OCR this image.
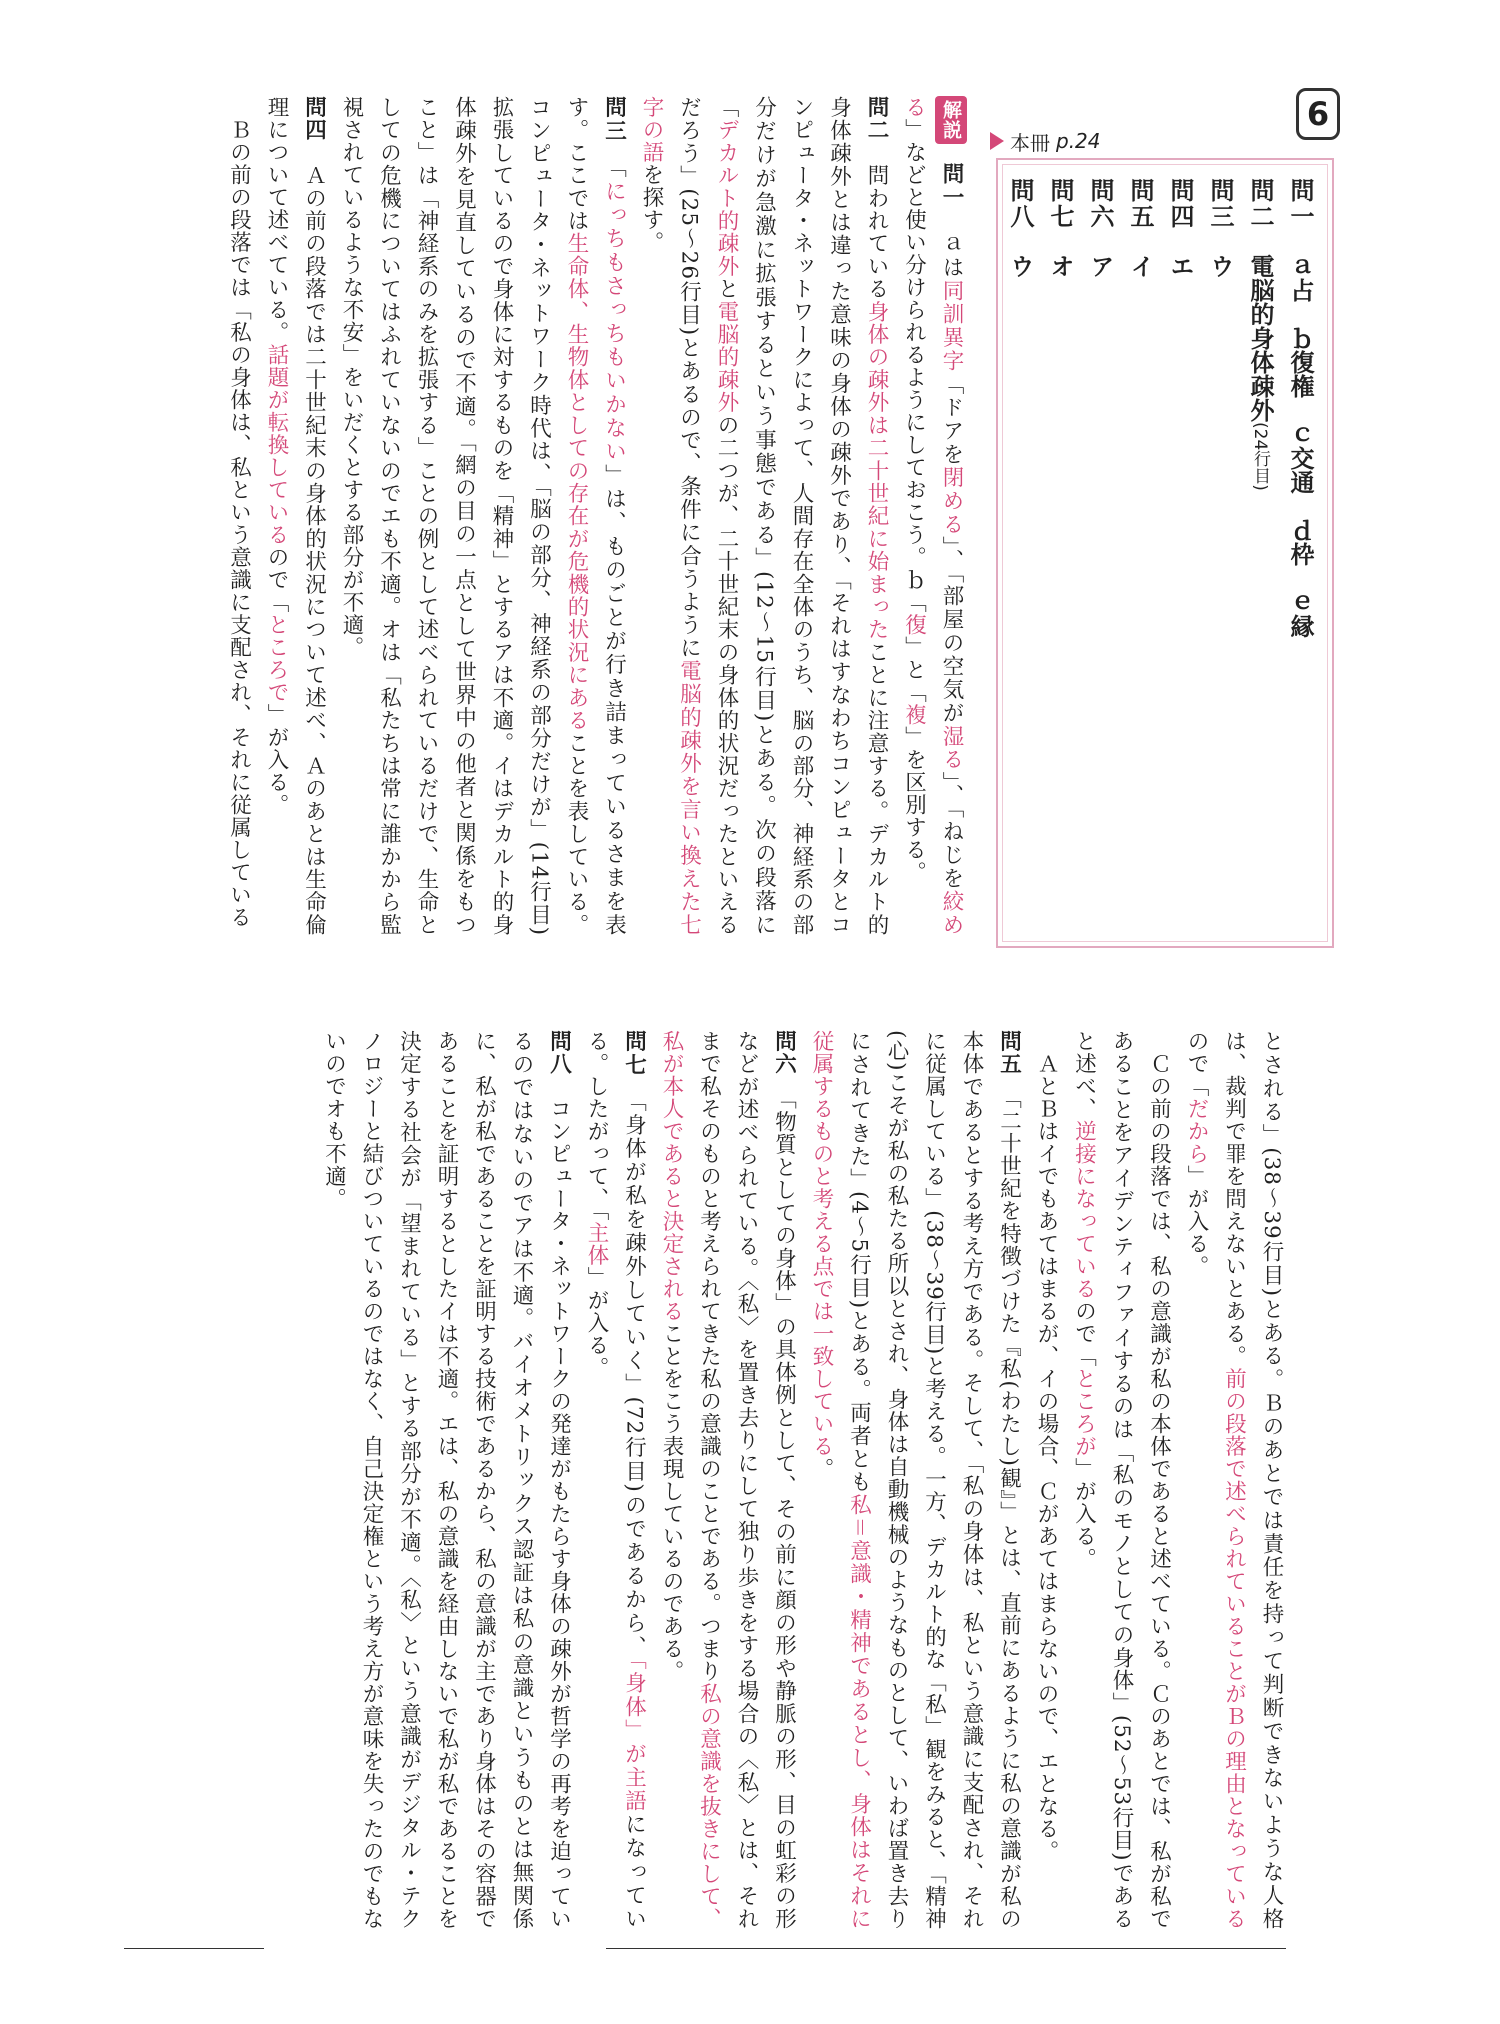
6
本冊 p.24
問一　ａ占　ｂ復権　ｃ交通　ｄ枠　ｅ縁
問二　電脳的身体疎外(24行目)
問三　ウ
問四　エ
問五　イ
問六　ア
問七　オ
問八　ウ

解説 問一　ａは同訓異字「ドアを閉める」、「部屋の空気が湿る」、「ねじを絞める」などと使い分けられるようにしておこう。ｂ「復」と「複」を区別する。

問二　問われている身体の疎外は二十世紀に始まったことに注意する。デカルト的身体疎外とは違った意味の身体の疎外であり、「それはすなわちコンピュータとコンピュータ・ネットワークによって、人間存在全体のうち、脳の部分、神経系の部分だけが急激に拡張するという事態である」(12～15行目)とある。次の段落に「デカルト的疎外と電脳的疎外の二つが、二十世紀末の身体的状況だったといえるだろう」(25～26行目)とあるので、条件に合うように電脳的疎外を言い換えた七字の語を探す。

問三　「にっちもさっちもいかない」は、ものごとが行き詰まっているさまを表す。ここでは生命体、生物体としての存在が危機的状況にあることを表している。コンピュータ・ネットワーク時代は、「脳の部分、神経系の部分だけが」(14行目)拡張しているので身体に対するものを「精神」とするアは不適。イはデカルト的身体疎外を見直しているので不適。「網の目の一点として世界中の他者と関係をもつこと」は「神経系のみを拡張する」ことの例として述べられているだけで、生命としての危機についてはふれていないのでエも不適。オは「私たちは常に誰かから監視されているような不安」をいだくとする部分が不適。

問四　Ａの前の段落では二十世紀末の身体的状況について述べ、Ａのあとは生命倫理について述べている。話題が転換しているので「ところで」が入る。

　Ｂの前の段落では「私の身体は、私という意識に支配され、それに従属している

とされる」(38～39行目)とある。Ｂのあとでは責任を持って判断できないような人格は、裁判で罪を問えないとある。前の段落で述べられていることがＢの理由となっているので「だから」が入る。

　Ｃの前の段落では、私の意識が私の本体であると述べている。Ｃのあとでは、私が私であることをアイデンティファイするのは「私のモノとしての身体」(52～53行目)であると述べ、逆接になっているので「ところが」が入る。

　ＡとＢはイでもあてはまるが、イの場合、Ｃがあてはまらないので、エとなる。

問五　「二十世紀を特徴づけた『私(わたし)観』」とは、直前にあるように私の意識が私の本体であるとする考え方である。そして、「私の身体は、私という意識に支配され、それに従属している」(38～39行目)と考える。一方、デカルト的な「私」観をみると、「精神(心)こそが私の私たる所以とされ、身体は自動機械のようなものとして、いわば置き去りにされてきた」(4～5行目)とある。両者とも私＝意識・精神であるとし、身体はそれに従属するものと考える点では一致している。

問六　「物質としての身体」の具体例として、その前に顔の形や静脈の形、目の虹彩の形などが述べられている。〈私〉を置き去りにして独り歩きをする場合の〈私〉とは、それまで私そのものと考えられてきた私の意識のことである。つまり私の意識を抜きにして、私が本人であると決定されることをこう表現しているのである。

問七　「身体が私を疎外していく」(72行目)のであるから、「身体」が主語になっている。したがって、「主体」が入る。

問八　コンピュータ・ネットワークの発達がもたらす身体の疎外が哲学の再考を迫っているのではないのでアは不適。バイオメトリックス認証は私の意識というものとは無関係に、私が私であることを証明する技術であるから、私の意識が主であり身体はその容器であることを証明するとしたイは不適。エは、私の意識を経由しないで私が私であることを決定する社会が「望まれている」とする部分が不適。〈私〉という意識がデジタル・テクノロジーと結びついているのではなく、自己決定権という考え方が意味を失ったのでもないのでオも不適。
